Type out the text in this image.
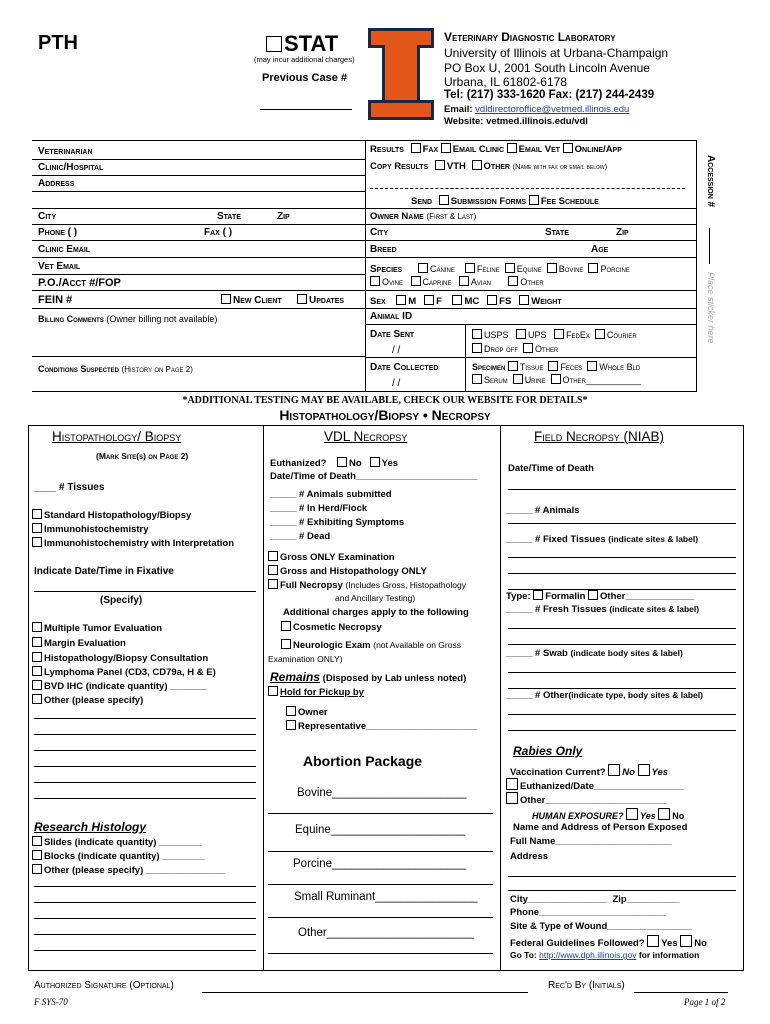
PTH	STAT
(may incur additional charges)
Previous Case #
Veterinary Diagnostic Laboratory
University of Illinois at Urbana-Champaign
PO Box U, 2001 South Lincoln Avenue
Urbana, IL 61802-6178
Tel: (217) 333-1620 Fax: (217) 244-2439
Email: vdldirectoroffice@vetmed.illinois.edu
Website: vetmed.illinois.edu/vdl
Veterinarian
Clinic/Hospital
Address
City	State	Zip
Phone ( )	Fax ( )
Clinic Email
Vet Email
P.O./Acct #/FOP
FEIN #	New Client	Updates
Billing Comments (Owner billing not available)
Conditions Suspected (History on Page 2)
Results Fax Email Clinic Email Vet Online/App
Copy Results VTH Other (Name with fax or email below)
Send Submission Forms Fee Schedule
Owner Name (First & Last)
City	State	Zip
Breed	Age
Species	Canine Feline Equine Bovine Porcine
Ovine Caprine Avian	Other
Sex M F MC FS Weight
Animal ID
Date Sent
/ /
USPS UPS FedEx Courier
Drop off Other
Date Collected
/ /
Specimen Tissue Feces Whole Bld
Serum Urine Other___________
Accession #
Place sticker here
*ADDITIONAL TESTING MAY BE AVAILABLE, CHECK OUR WEBSITE FOR DETAILS*
Histopathology/Biopsy • Necropsy
Histopathology/ Biopsy
(Mark Site(s) on Page 2)
____ # Tissues
Standard Histopathology/Biopsy
Immunohistochemistry
Immunohistochemistry with Interpretation
Indicate Date/Time in Fixative
(Specify)
Multiple Tumor Evaluation
Margin Evaluation
Histopathology/Biopsy Consultation
Lymphoma Panel (CD3, CD79a, H & E)
BVD IHC (indicate quantity) _______
Other (please specify)
Research Histology
Slides (indicate quantity) ________
Blocks (indicate quantity) ________
Other (please specify) _______________
VDL Necropsy
Euthanized? No Yes
Date/Time of Death_______________________
_____ # Animals submitted
_____ # In Herd/Flock
_____ # Exhibiting Symptoms
_____ # Dead
Gross ONLY Examination
Gross and Histopathology ONLY
Full Necropsy (Includes Gross, Histopathology
and Ancillary Testing)
Additional charges apply to the following
Cosmetic Necropsy
Neurologic Exam (not Available on Gross
Examination ONLY)
Remains (Disposed by Lab unless noted)
Hold for Pickup by
Owner
Representative_____________________
Abortion Package
Bovine_____________________
Equine_____________________
Porcine_____________________
Small Ruminant________________
Other_______________________
Field Necropsy (NIAB)
Date/Time of Death
_____ # Animals
_____ # Fixed Tissues (indicate sites & label)
Type: Formalin Other_____________
_____ # Fresh Tissues (indicate sites & label)
_____ # Swab (indicate body sites & label)
_____ # Other(indicate type, body sites & label)
Rabies Only
Vaccination Current? No Yes
Euthanized/Date_________________
Other_______________________
HUMAN EXPOSURE? Yes No
Name and Address of Person Exposed
Full Name______________________
Address
City_______________  Zip__________
Phone________________________
Site & Type of Wound________________
Federal Guidelines Followed? Yes No
Go To: http://www.dph.illinois.gov for information
Authorized Signature (Optional)	Rec'd By (Initials)
F SYS-70	Page 1 of 2
